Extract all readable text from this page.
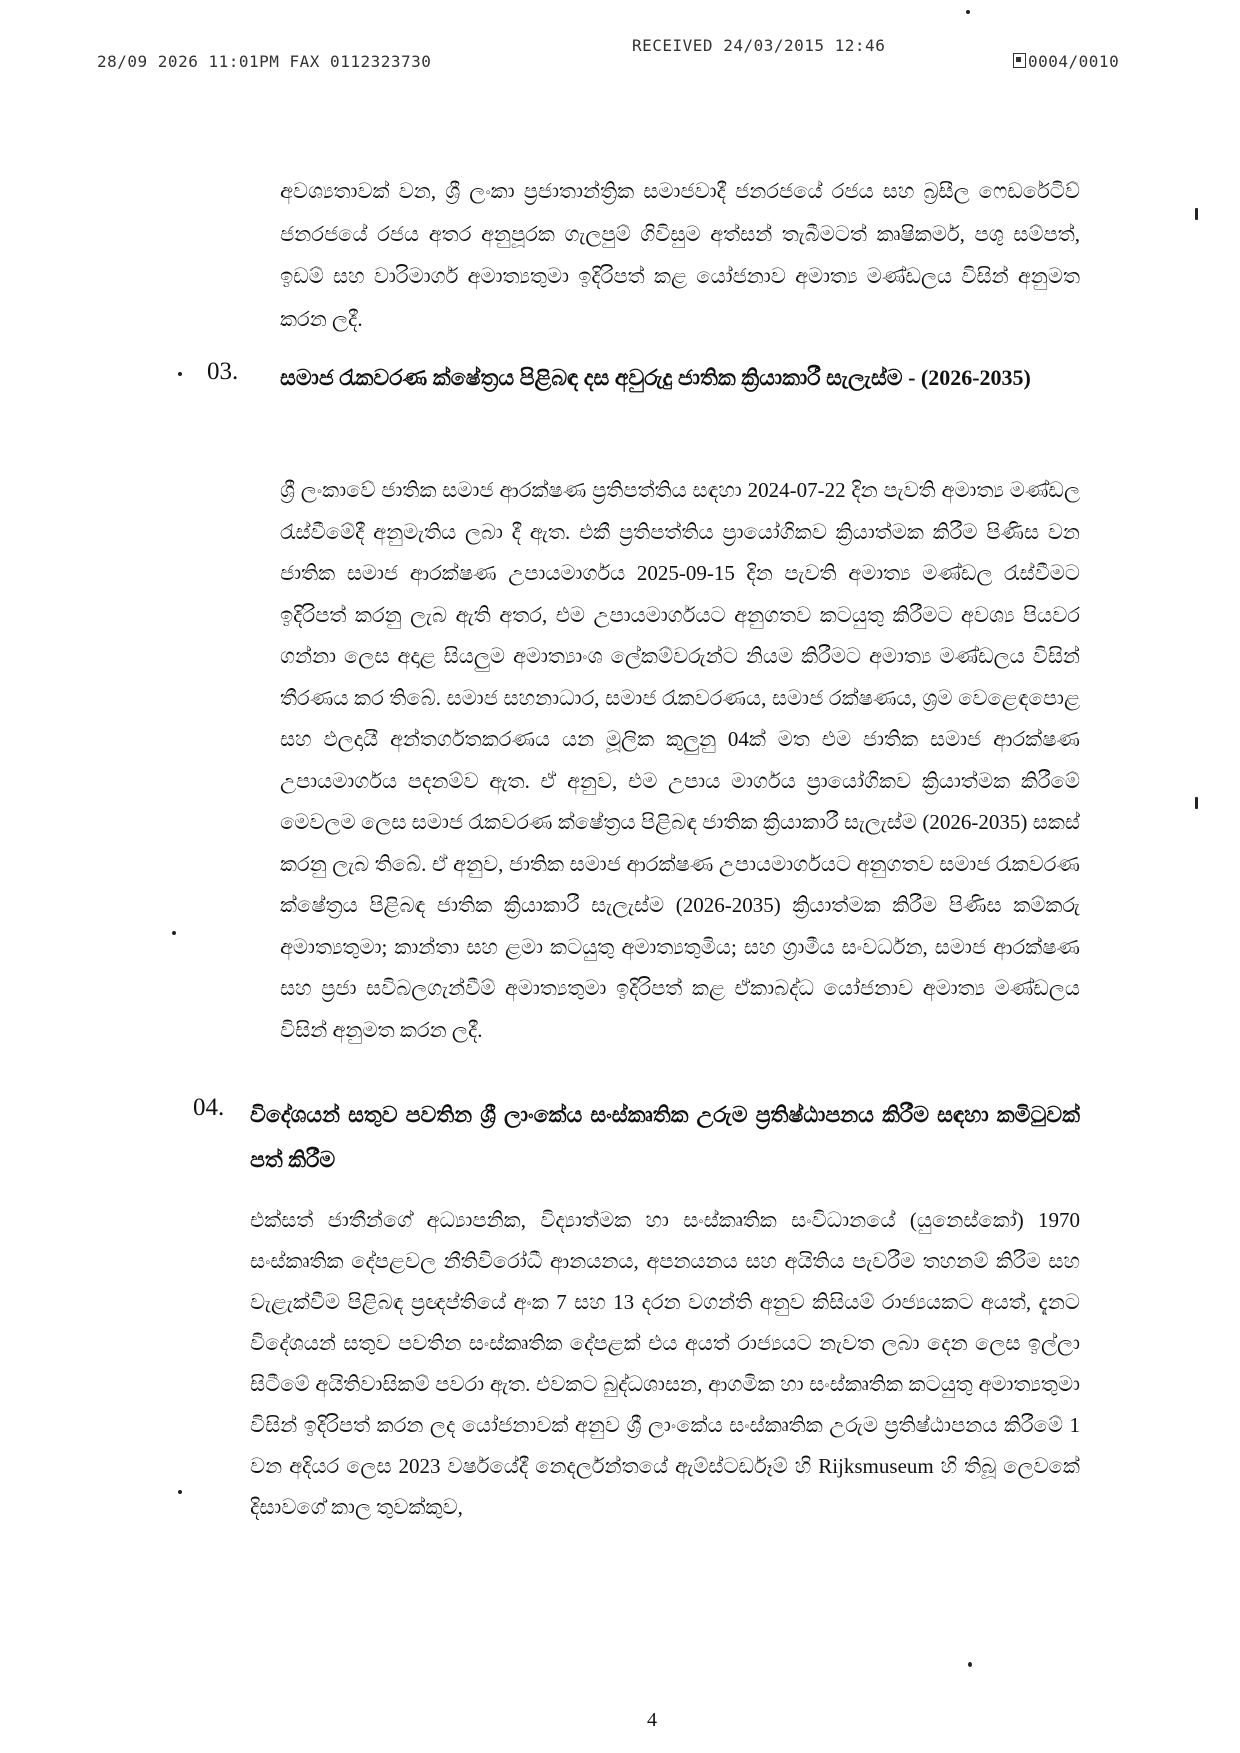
28/09 2026 11:01PM FAX 0112323730
RECEIVED 24/03/2015 12:46
0004/0010
අවශ්‍යතාවක් වන, ශ්‍රී ලංකා ප්‍රජාතාන්ත්‍රික සමාජවාදී ජනරජයේ රජය සහ බ්‍රසීල ෆෙඩරේටිව් ජනරජයේ රජය අතර අනුපූරක ගැලපුම් ගිවිසුම අත්සන් තැබීමටත් කෘෂිකර්ම, පශු සම්පත්, ඉඩම් සහ වාරිමාර්ග අමාත්‍යතුමා ඉදිරිපත් කළ යෝජනාව අමාත්‍ය මණ්ඩලය විසින් අනුමත කරන ලදී.
03. සමාජ රැකවරණ ක්ෂේත්‍රය පිළිබඳ දස අවුරුදු ජාතික ක්‍රියාකාරී සැලැස්ම - (2026-2035)
ශ්‍රී ලංකාවේ ජාතික සමාජ ආරක්ෂණ ප්‍රතිපත්තිය සඳහා 2024-07-22 දින පැවති අමාත්‍ය මණ්ඩල රැස්වීමේදී අනුමැතිය ලබා දී ඇත. එකී ප්‍රතිපත්තිය ප්‍රායෝගිකව ක්‍රියාත්මක කිරීම පිණිස වන ජාතික සමාජ ආරක්ෂණ උපායමාර්ගය 2025-09-15 දින පැවති අමාත්‍ය මණ්ඩල රැස්වීමට ඉදිරිපත් කරනු ලැබ ඇති අතර, එම උපායමාර්ගයට අනුගතව කටයුතු කිරීමට අවශ්‍ය පියවර ගන්නා ලෙස අදාළ සියලුම අමාත්‍යාංශ ලේකම්වරුන්ට නියම කිරීමට අමාත්‍ය මණ්ඩලය විසින් තීරණය කර තිබේ. සමාජ සහනාධාර, සමාජ රැකවරණය, සමාජ රක්ෂණය, ශ්‍රම වෙළෙඳපොළ සහ ඵලදායී අන්තර්ගතකරණය යන මූලික කුලුනු 04ක් මත එම ජාතික සමාජ ආරක්ෂණ උපායමාර්ගය පදනම්ව ඇත. ඒ අනුව, එම උපාය මාර්ගය ප්‍රායෝගිකව ක්‍රියාත්මක කිරීමේ මෙවලම ලෙස සමාජ රැකවරණ ක්ෂේත්‍රය පිළිබඳ ජාතික ක්‍රියාකාරී සැලැස්ම (2026-2035) සකස් කරනු ලැබ තිබේ. ඒ අනුව, ජාතික සමාජ ආරක්ෂණ උපායමාර්ගයට අනුගතව සමාජ රැකවරණ ක්ෂේත්‍රය පිළිබඳ ජාතික ක්‍රියාකාරී සැලැස්ම (2026-2035) ක්‍රියාත්මක කිරීම පිණිස කම්කරු අමාත්‍යතුමා; කාන්තා සහ ළමා කටයුතු අමාත්‍යතුමිය; සහ ග්‍රාමීය සංවර්ධන, සමාජ ආරක්ෂණ සහ ප්‍රජා සවිබලගැන්වීම් අමාත්‍යතුමා ඉදිරිපත් කළ ඒකාබද්ධ යෝජනාව අමාත්‍ය මණ්ඩලය විසින් අනුමත කරන ලදී.
04. විදේශයන් සතුව පවතින ශ්‍රී ලාංකේය සංස්කෘතික උරුම ප්‍රතිෂ්ඨාපනය කිරීම සඳහා කමිටුවක් පත් කිරීම
එක්සත් ජාතීන්ගේ අධ්‍යාපනික, විද්‍යාත්මක හා සංස්කෘතික සංවිධානයේ (යුනෙස්කෝ) 1970 සංස්කෘතික දේපළවල නීතිවිරෝධී ආනයනය, අපනයනය සහ අයිතිය පැවරීම තහනම් කිරීම සහ වැළැක්වීම පිළිබඳ ප්‍රඥප්තියේ අංක 7 සහ 13 දරන වගන්ති අනුව කිසියම් රාජ්‍යයකට අයත්, දැනට විදේශයන් සතුව පවතින සංස්කෘතික දේපළක් එය අයත් රාජ්‍යයට නැවත ලබා දෙන ලෙස ඉල්ලා සිටීමේ අයිතිවාසිකම් පවරා ඇත. එවකට බුද්ධශාසන, ආගමික හා සංස්කෘතික කටයුතු අමාත්‍යතුමා විසින් ඉදිරිපත් කරන ලද යෝජනාවක් අනුව ශ්‍රී ලාංකේය සංස්කෘතික උරුම ප්‍රතිෂ්ඨාපනය කිරීමේ 1 වන අදියර ලෙස 2023 වර්ෂයේදී නෙදර්ලන්තයේ ඇම්ස්ටර්ඩෑම් හි Rijksmuseum හි තිබූ ලෙවකේ දිසාවගේ කාල තුවක්කුව,
4
